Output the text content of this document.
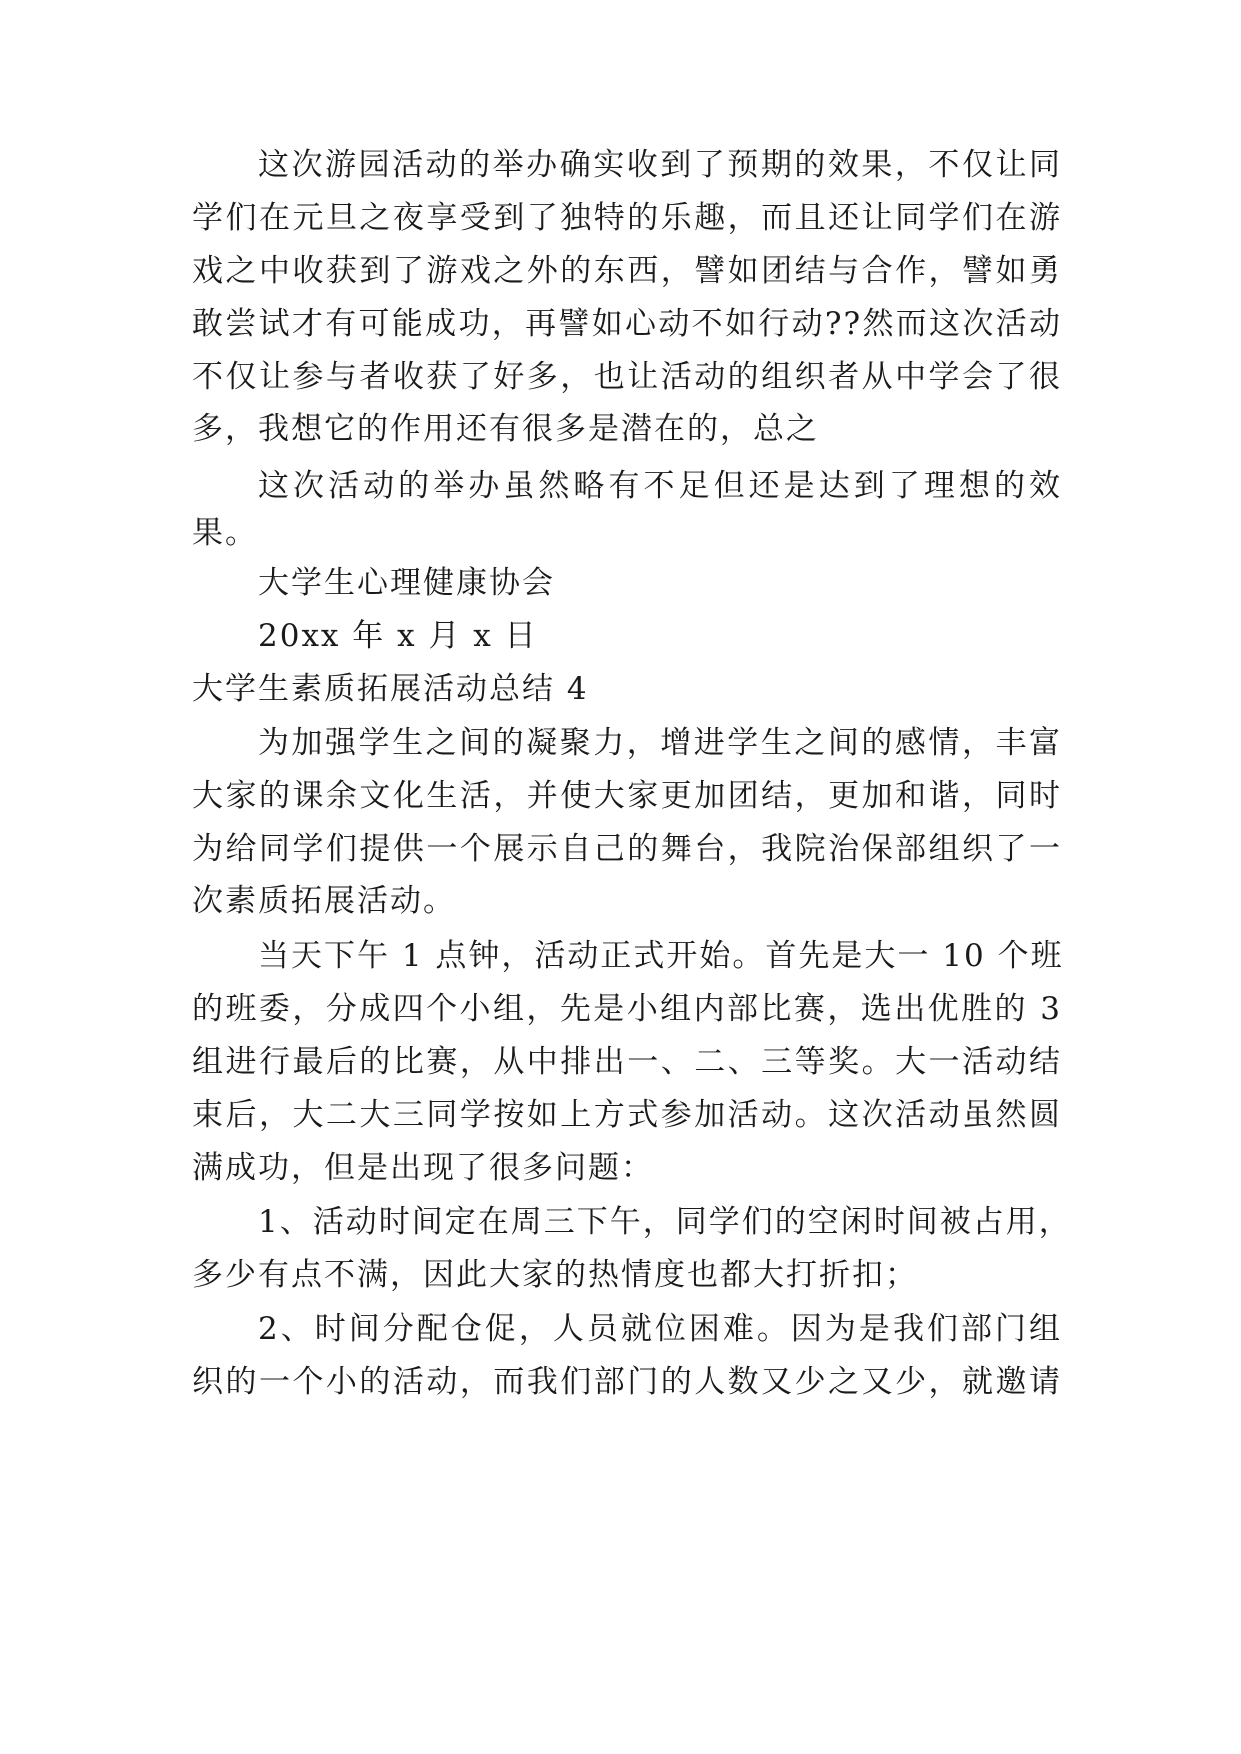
这次游园活动的举办确实收到了预期的效果，不仅让同
学们在元旦之夜享受到了独特的乐趣，而且还让同学们在游
戏之中收获到了游戏之外的东西，譬如团结与合作，譬如勇
敢尝试才有可能成功，再譬如心动不如行动??然而这次活动
不仅让参与者收获了好多，也让活动的组织者从中学会了很
多，我想它的作用还有很多是潜在的，总之
这次活动的举办虽然略有不足但还是达到了理想的效
果。
大学生心理健康协会
20xx 年 x 月 x 日
大学生素质拓展活动总结 4
为加强学生之间的凝聚力，增进学生之间的感情，丰富
大家的课余文化生活，并使大家更加团结，更加和谐，同时
为给同学们提供一个展示自己的舞台，我院治保部组织了一
次素质拓展活动。
当天下午 1 点钟，活动正式开始。首先是大一 10 个班
的班委，分成四个小组，先是小组内部比赛，选出优胜的 3
组进行最后的比赛，从中排出一、二、三等奖。大一活动结
束后，大二大三同学按如上方式参加活动。这次活动虽然圆
满成功，但是出现了很多问题：
1、活动时间定在周三下午，同学们的空闲时间被占用，
多少有点不满，因此大家的热情度也都大打折扣；
2、时间分配仓促，人员就位困难。因为是我们部门组
织的一个小的活动，而我们部门的人数又少之又少，就邀请
